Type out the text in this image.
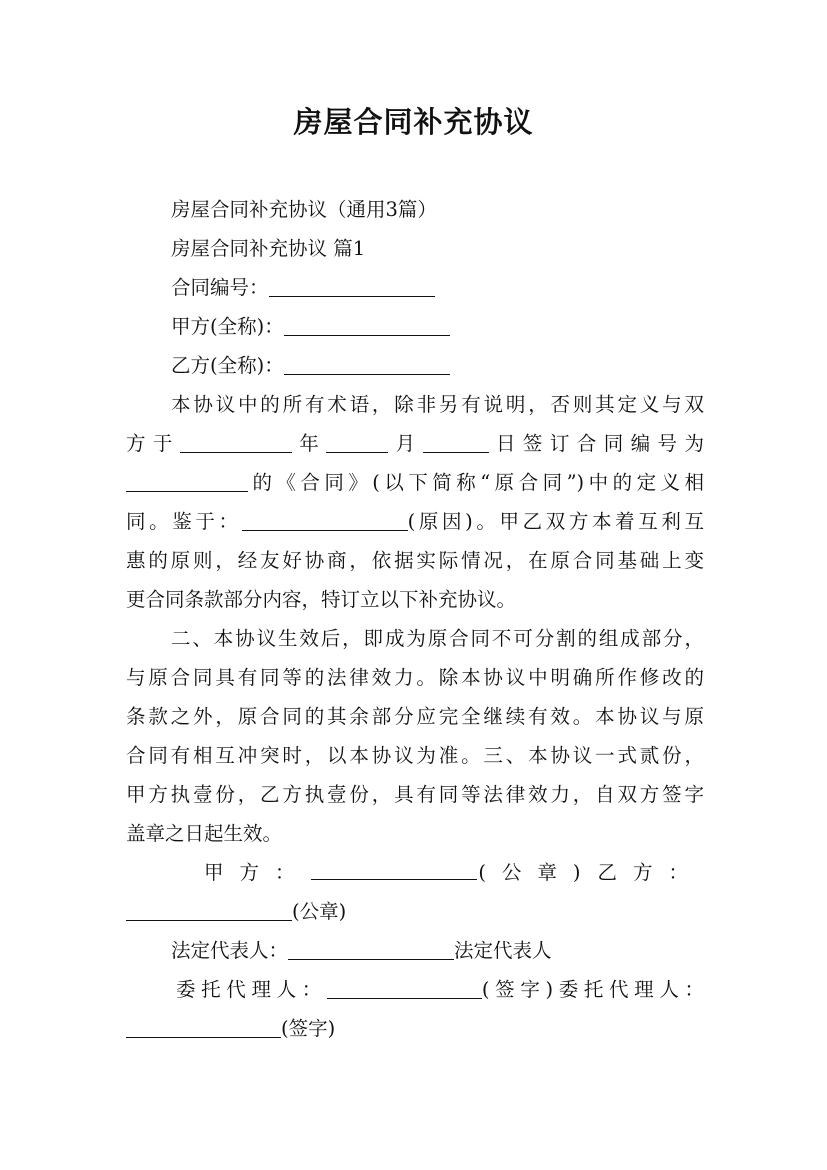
房屋合同补充协议
房屋合同补充协议（通用3篇）
房屋合同补充协议 篇1
合同编号：
甲方(全称)：
乙方(全称)：
本协议中的所有术语，除非另有说明，否则其定义与双
方于	年	月	日签订合同编号为
的《合同》(以下简称“原合同”)中的定义相
同。鉴于：	(原因)。甲乙双方本着互利互
惠的原则，经友好协商，依据实际情况，在原合同基础上变
更合同条款部分内容，特订立以下补充协议。
二、本协议生效后，即成为原合同不可分割的组成部分，
与原合同具有同等的法律效力。除本协议中明确所作修改的
条款之外，原合同的其余部分应完全继续有效。本协议与原
合同有相互冲突时，以本协议为准。三、本协议一式贰份，
甲方执壹份，乙方执壹份，具有同等法律效力，自双方签字
盖章之日起生效。
甲方：	(公章) 乙方：
(公章)
法定代表人：	法定代表人
委托代理人：	(签字)委托代理人：
(签字)
